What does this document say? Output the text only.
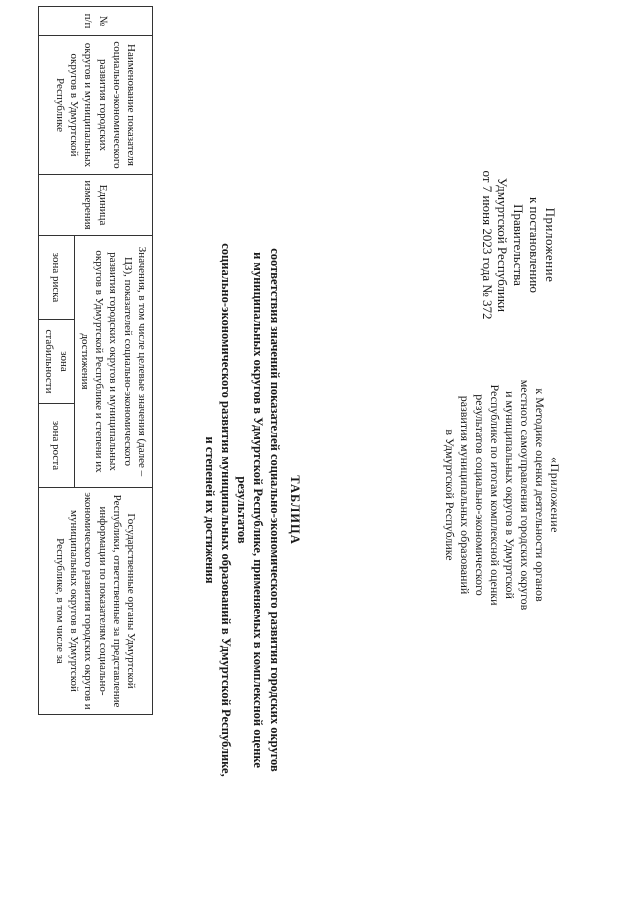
Приложение
к постановлению Правительства
Удмуртской Республики
от 7 июня 2023 года № 372
«Приложение
к Методике оценки деятельности органов
местного самоуправления городских округов
и муниципальных округов в Удмуртской
Республике по итогам комплексной оценки
результатов социально-экономического
развития муниципальных образований
в Удмуртской Республике
ТАБЛИЦА
соответствия значений показателей социально-экономического развития городских округов
и муниципальных округов в Удмуртской Республике, применяемых в комплексной оценке результатов
социально-экономического развития муниципальных образований в Удмуртской Республике,
и степеней их достижения
№ п/п	Наименование показателя социально-экономического развития городских округов и муниципальных округов в Удмуртской Республике	Единица измерения	Значения, в том числе целевые значения (далее – ЦЗ), показателей социально-экономического развития городских округов и муниципальных округов в Удмуртской Республике и степени их достижения			Государственные органы Удмуртской Республики, ответственные за представление информации по показателям социально-экономического развития городских округов и муниципальных округов в Удмуртской Республике, в том числе за
			зона риска	зона стабильности	зона роста	
